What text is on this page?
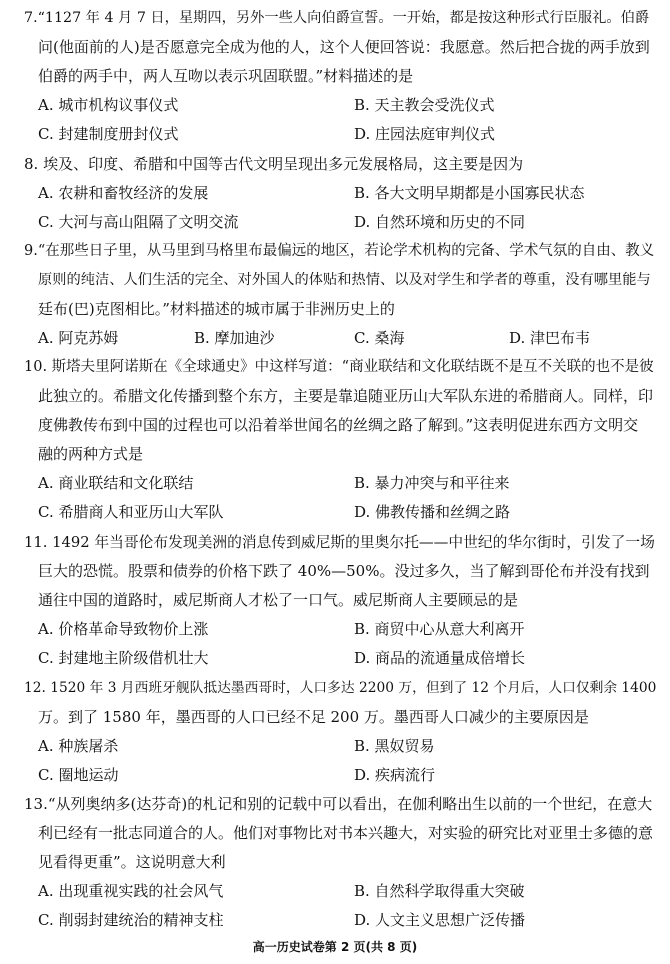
7.“1127 年 4 月 7 日，星期四，另外一些人向伯爵宣誓。一开始，都是按这种形式行臣服礼。伯爵
问(他面前的人)是否愿意完全成为他的人，这个人便回答说：我愿意。然后把合拢的两手放到
伯爵的两手中，两人互吻以表示巩固联盟。”材料描述的是
A. 城市机构议事仪式	B. 天主教会受洗仪式
C. 封建制度册封仪式	D. 庄园法庭审判仪式
8. 埃及、印度、希腊和中国等古代文明呈现出多元发展格局，这主要是因为
A. 农耕和畜牧经济的发展	B. 各大文明早期都是小国寡民状态
C. 大河与高山阻隔了文明交流	D. 自然环境和历史的不同
9.“在那些日子里，从马里到马格里布最偏远的地区，若论学术机构的完备、学术气氛的自由、教义
原则的纯洁、人们生活的完全、对外国人的体贴和热情、以及对学生和学者的尊重，没有哪里能与
廷布(巴)克图相比。”材料描述的城市属于非洲历史上的
A. 阿克苏姆	B. 摩加迪沙	C. 桑海	D. 津巴布韦
10. 斯塔夫里阿诺斯在《全球通史》中这样写道：“商业联结和文化联结既不是互不关联的也不是彼
此独立的。希腊文化传播到整个东方，主要是靠追随亚历山大军队东进的希腊商人。同样，印
度佛教传布到中国的过程也可以沿着举世闻名的丝绸之路了解到。”这表明促进东西方文明交
融的两种方式是
A. 商业联结和文化联结	B. 暴力冲突与和平往来
C. 希腊商人和亚历山大军队	D. 佛教传播和丝绸之路
11. 1492 年当哥伦布发现美洲的消息传到威尼斯的里奥尔托——中世纪的华尔街时，引发了一场
巨大的恐慌。股票和债券的价格下跌了 40%—50%。没过多久，当了解到哥伦布并没有找到
通往中国的道路时，威尼斯商人才松了一口气。威尼斯商人主要顾忌的是
A. 价格革命导致物价上涨	B. 商贸中心从意大利离开
C. 封建地主阶级借机壮大	D. 商品的流通量成倍增长
12. 1520 年 3 月西班牙舰队抵达墨西哥时，人口多达 2200 万，但到了 12 个月后，人口仅剩余 1400
万。到了 1580 年，墨西哥的人口已经不足 200 万。墨西哥人口减少的主要原因是
A. 种族屠杀	B. 黑奴贸易
C. 圈地运动	D. 疾病流行
13.“从列奥纳多(达芬奇)的札记和别的记载中可以看出，在伽利略出生以前的一个世纪，在意大
利已经有一批志同道合的人。他们对事物比对书本兴趣大，对实验的研究比对亚里士多德的意
见看得更重”。这说明意大利
A. 出现重视实践的社会风气	B. 自然科学取得重大突破
C. 削弱封建统治的精神支柱	D. 人文主义思想广泛传播
高一历史试卷第 2 页(共 8 页)
